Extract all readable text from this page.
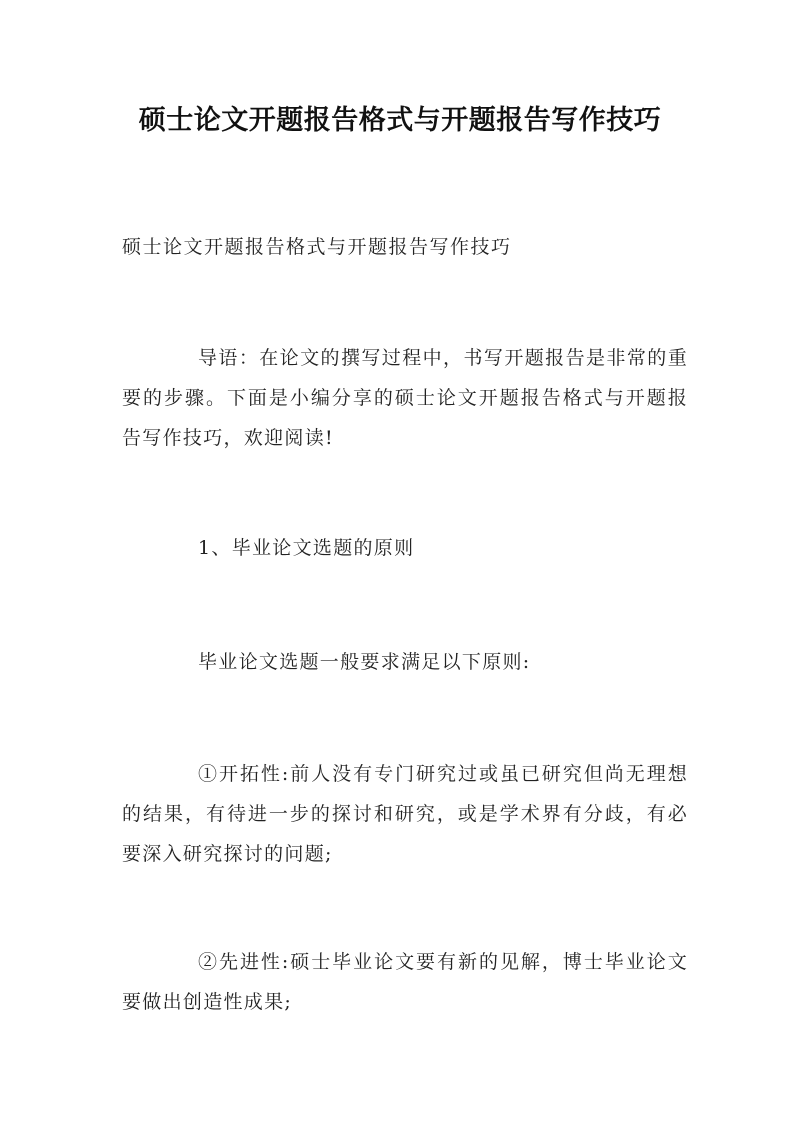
硕士论文开题报告格式与开题报告写作技巧
硕士论文开题报告格式与开题报告写作技巧
导语：在论文的撰写过程中，书写开题报告是非常的重要的步骤。下面是小编分享的硕士论文开题报告格式与开题报告写作技巧，欢迎阅读!
1、毕业论文选题的原则
毕业论文选题一般要求满足以下原则:
①开拓性:前人没有专门研究过或虽已研究但尚无理想的结果，有待进一步的探讨和研究，或是学术界有分歧，有必要深入研究探讨的问题;
②先进性:硕士毕业论文要有新的见解，博士毕业论文要做出创造性成果;
